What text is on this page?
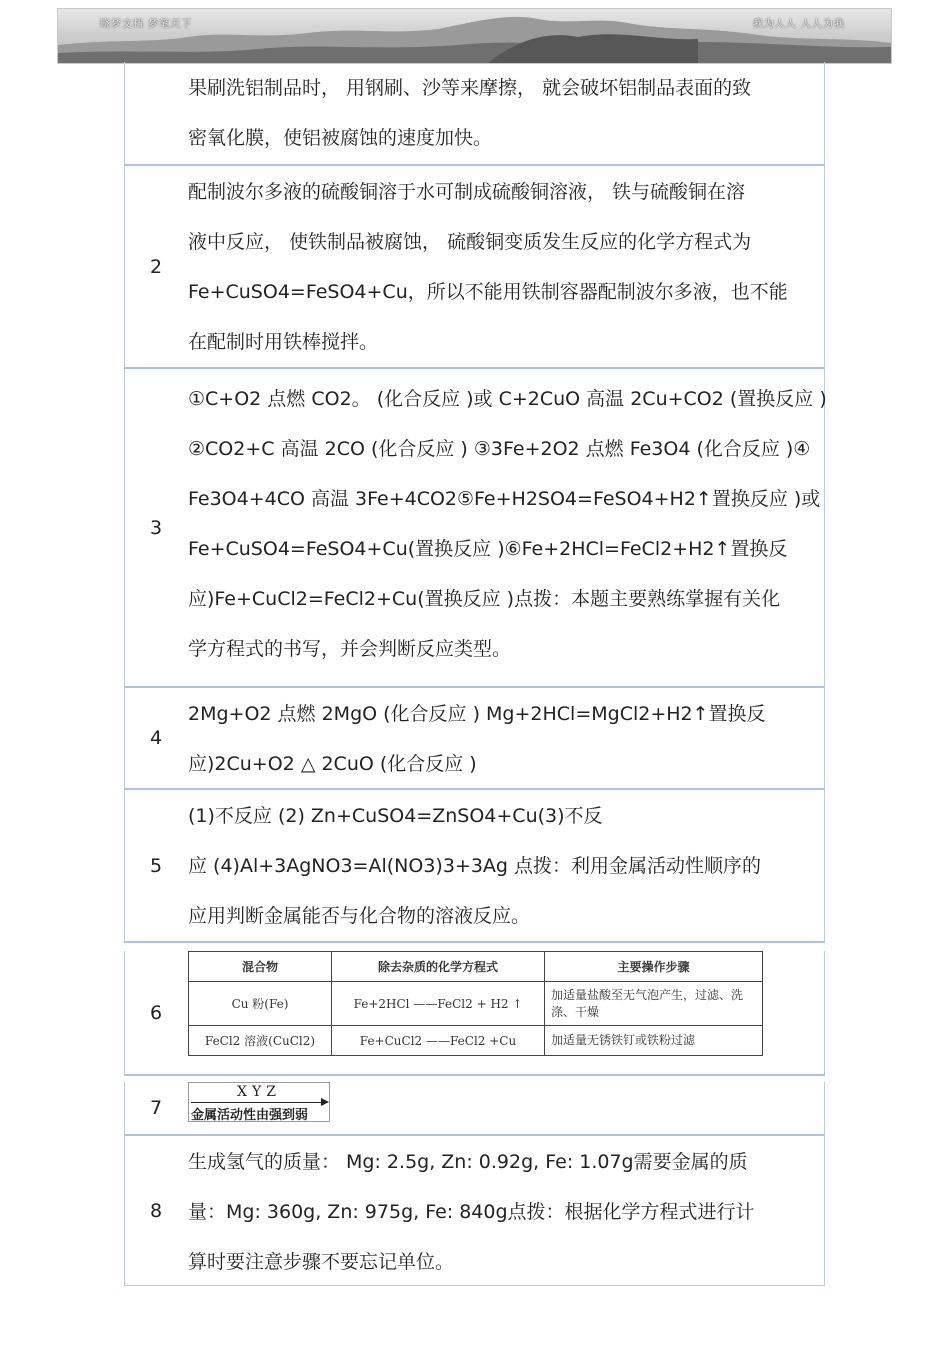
晓梦文档 梦笔天下	我为人人 人人为我

果刷洗铝制品时， 用钢刷、沙等来摩擦， 就会破坏铝制品表面的致

密氧化膜，使铝被腐蚀的速度加快。

2

配制波尔多液的硫酸铜溶于水可制成硫酸铜溶液， 铁与硫酸铜在溶

液中反应， 使铁制品被腐蚀， 硫酸铜变质发生反应的化学方程式为

Fe+CuSO4=FeSO4+Cu，所以不能用铁制容器配制波尔多液，也不能

在配制时用铁棒搅拌。

3

①C+O2 点燃 CO2。 (化合反应 )或 C+2CuO 高温 2Cu+CO2 (置换反应 )

②CO2+C 高温 2CO (化合反应 ) ③3Fe+2O2 点燃 Fe3O4 (化合反应 )④

Fe3O4+4CO 高温 3Fe+4CO2⑤Fe+H2SO4=FeSO4+H2↑置换反应 )或

Fe+CuSO4=FeSO4+Cu(置换反应 )⑥Fe+2HCl=FeCl2+H2↑置换反

应)Fe+CuCl2=FeCl2+Cu(置换反应 )点拨：本题主要熟练掌握有关化

学方程式的书写，并会判断反应类型。

4

2Mg+O2 点燃 2MgO (化合反应 ) Mg+2HCl=MgCl2+H2↑置换反

应)2Cu+O2 △ 2CuO (化合反应 )

5

(1)不反应 (2) Zn+CuSO4=ZnSO4+Cu(3)不反

应 (4)Al+3AgNO3=Al(NO3)3+3Ag 点拨：利用金属活动性顺序的

应用判断金属能否与化合物的溶液反应。

6
混合物	除去杂质的化学方程式	主要操作步骤
Cu 粉(Fe)	Fe+2HCl ——FeCl2 + H2 ↑	加适量盐酸至无气泡产生，过滤、洗涤、干燥
FeCl2 溶液(CuCl2)	Fe+CuCl2 ——FeCl2 +Cu	加适量无锈铁钉或铁粉过滤
7
XYZ
金属活动性由强到弱
8

生成氢气的质量： Mg: 2.5g, Zn: 0.92g, Fe: 1.07g需要金属的质

量：Mg: 360g, Zn: 975g, Fe: 840g点拨：根据化学方程式进行计

算时要注意步骤不要忘记单位。
